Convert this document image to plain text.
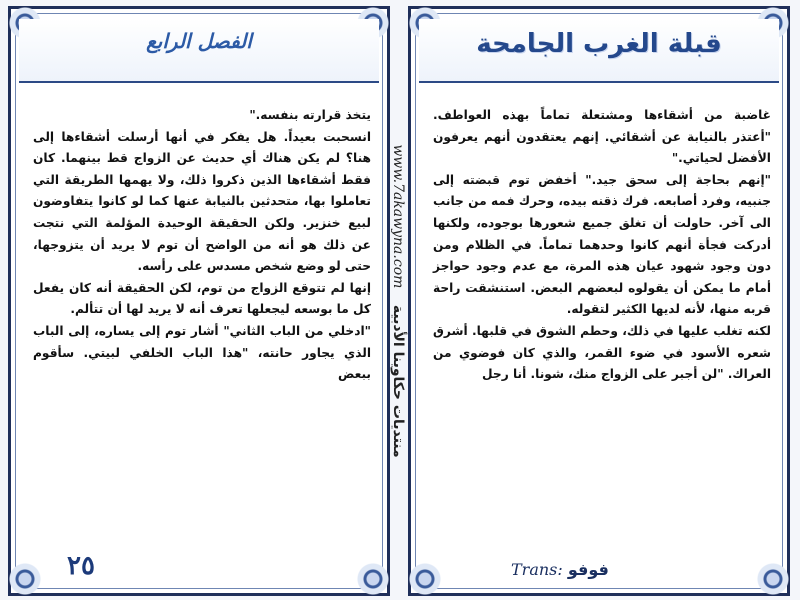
الفصل الرابع

يتخذ قرارته بنفسه."

انسحبت بعيداً. هل يفكر في أنها أرسلت أشقاءها إلى هنا؟ لم يكن هناك أي حديث عن الزواج قط بينهما. كان فقط أشقاءها الذين ذكروا ذلك، ولا يهمها الطريقة التي تعاملوا بها، متحدثين بالنيابة عنها كما لو كانوا يتفاوضون لبيع خنزير. ولكن الحقيقة الوحيدة المؤلمة التي نتجت عن ذلك هو أنه من الواضح أن توم لا يريد أن يتزوجها، حتى لو وضع شخص مسدس على رأسه.

إنها لم تتوقع الزواج من توم، لكن الحقيقة أنه كان يفعل كل ما بوسعه ليجعلها تعرف أنه لا يريد لها أن تتألم.

"ادخلي من الباب الثاني" أشار توم إلى يساره، إلى الباب الذي يجاور حانته، "هذا الباب الخلفي لبيتي. سأقوم ببعض

٢٥
www.7akawyna.com منتديات حكاوينا الأدبية
قبلة الغرب الجامحة

غاضبة من أشقاءها ومشتعلة تماماً بهذه العواطف. "أعتذر بالنيابة عن أشقائي. إنهم يعتقدون أنهم يعرفون الأفضل لحياتي."

"إنهم بحاجة إلى سحق جيد." أخفض توم قبضته إلى جنبيه، وفرد أصابعه. فرك ذقنه بيده، وحرك فمه من جانب الى آخر. حاولت أن تغلق جميع شعورها بوجوده، ولكنها أدركت فجأة أنهم كانوا وحدهما تماماً. في الظلام ومن دون وجود شهود عيان هذه المرة، مع عدم وجود حواجز أمام ما يمكن أن يقولوه لبعضهم البعض. استنشقت راحة قربه منها، لأنه لديها الكثير لتقوله.

لكنه تغلب عليها في ذلك، وحطم الشوق في قلبها. أشرق شعره الأسود في ضوء القمر، والذي كان فوضوي من العراك. "لن أجبر على الزواج منك، شونا. أنا رجل

Trans: فوفو
